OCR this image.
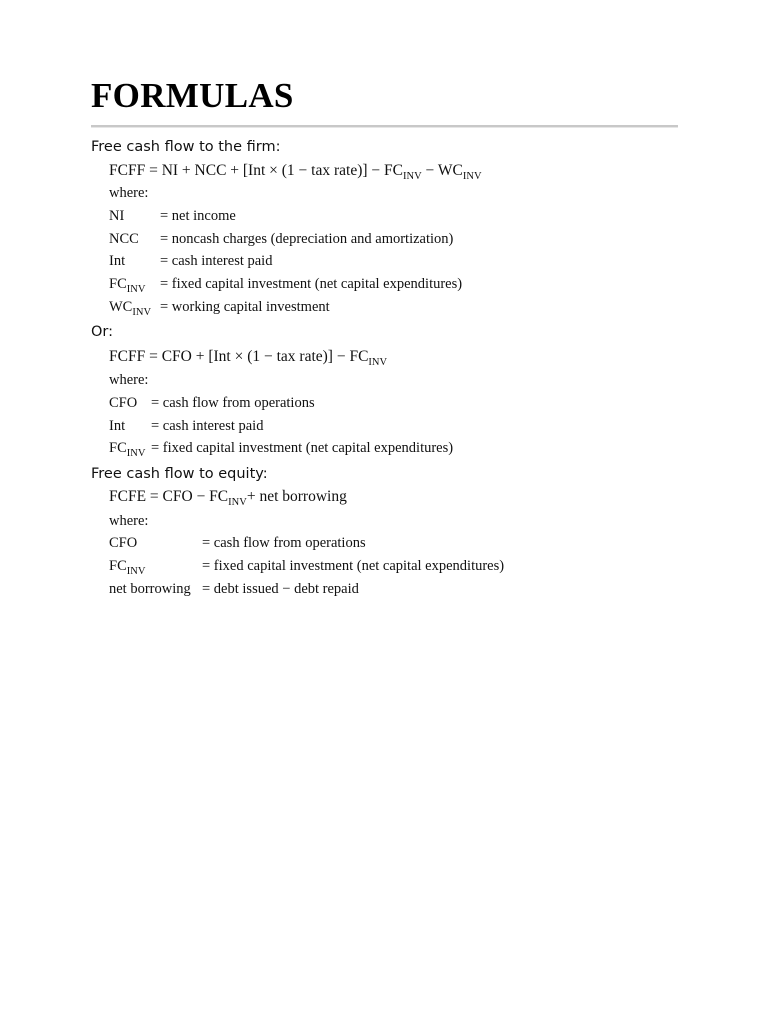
FORMULAS

Free cash flow to the firm:

FCFF = NI + NCC + [Int × (1 − tax rate)] − $FC_{INV} - WC_{INV}$

where:

NI = net income

NCC = noncash charges (depreciation and amortization)

Int = cash interest paid

$FC_{INV}$ = fixed capital investment (net capital expenditures)

$WC_{INV}$ = working capital investment

Or:

FCFF = CFO + [Int × (1 − tax rate)] − $FC_{INV}$

where:

CFO = cash flow from operations

Int = cash interest paid

$FC_{INV}$ = fixed capital investment (net capital expenditures)

Free cash flow to equity:

FCFE = CFO − $FC_{INV}+$ net borrowing

where:

CFO	= cash flow from operations

$FC_{INV}$	= fixed capital investment (net capital expenditures)

net borrowing = debt issued − debt repaid
